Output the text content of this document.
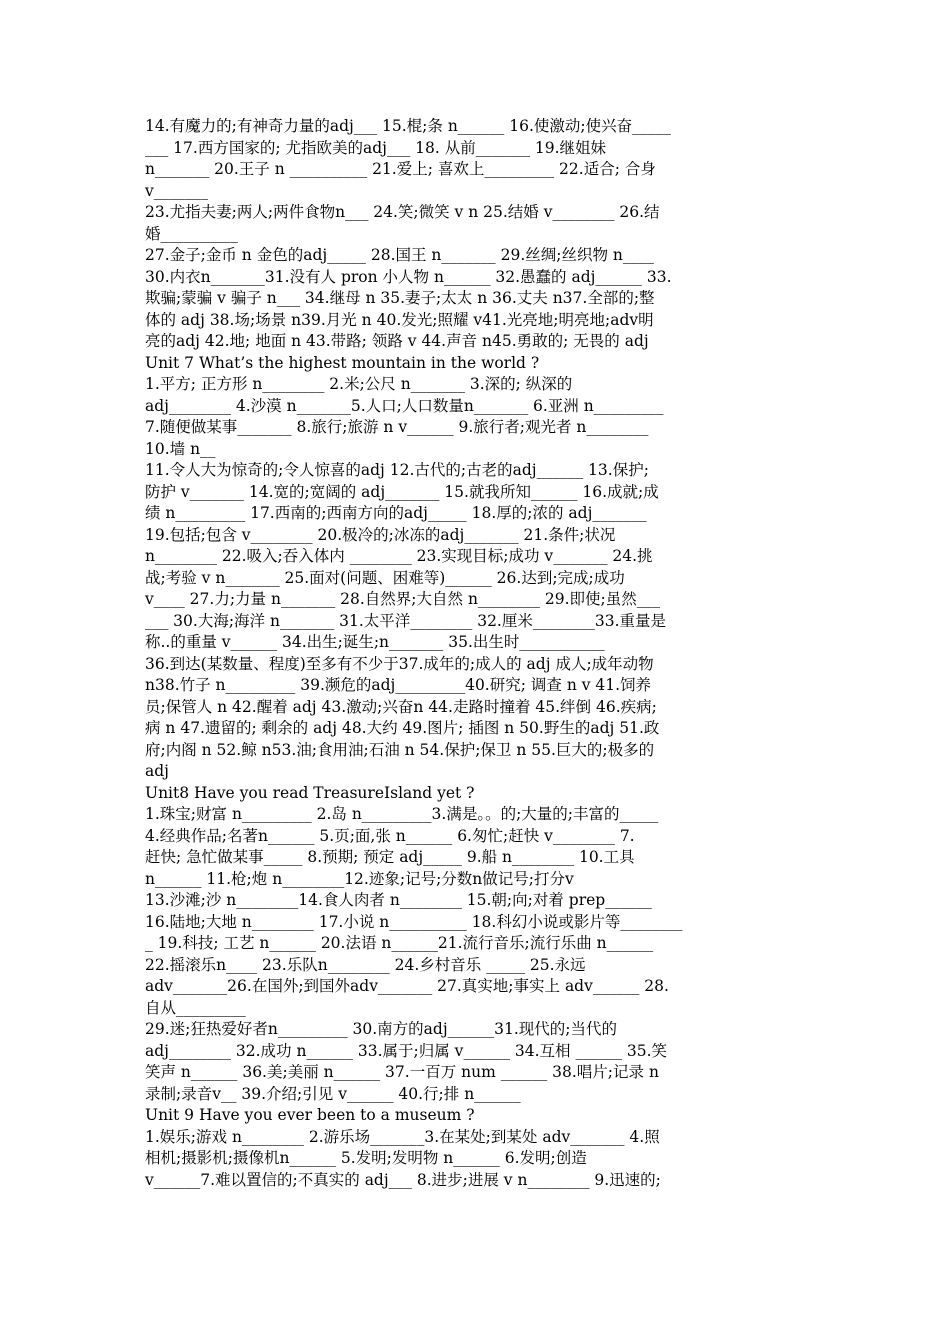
14.有魔力的;有神奇力量的adj___ 15.棍;条 n______ 16.使激动;使兴奋_____
___ 17.西方国家的; 尤指欧美的adj___ 18. 从前_______ 19.继姐妹
n_______ 20.王子 n __________ 21.爱上; 喜欢上_________ 22.适合; 合身
v_______
23.尤指夫妻;两人;两件食物n___ 24.笑;微笑 v n 25.结婚 v________ 26.结
婚__________
27.金子;金币 n 金色的adj_____ 28.国王 n_______ 29.丝绸;丝织物 n____
30.内衣n_______31.没有人 pron 小人物 n______ 32.愚蠢的 adj______ 33.
欺骗;蒙骗 v 骗子 n___ 34.继母 n 35.妻子;太太 n 36.丈夫 n37.全部的;整
体的 adj 38.场;场景 n39.月光 n 40.发光;照耀 v41.光亮地;明亮地;adv明
亮的adj 42.地; 地面 n 43.带路; 领路 v 44.声音 n45.勇敢的; 无畏的 adj
Unit 7 What’s the highest mountain in the world ?
1.平方; 正方形 n________ 2.米;公尺 n_______ 3.深的; 纵深的
adj________ 4.沙漠 n_______5.人口;人口数量n_______ 6.亚洲 n_________
7.随便做某事_______ 8.旅行;旅游 n v______ 9.旅行者;观光者 n________
10.墙 n__
11.令人大为惊奇的;令人惊喜的adj 12.古代的;古老的adj______ 13.保护;
防护 v_______ 14.宽的;宽阔的 adj_______ 15.就我所知______ 16.成就;成
绩 n_________ 17.西南的;西南方向的adj_____ 18.厚的;浓的 adj_______
19.包括;包含 v________ 20.极冷的;冰冻的adj_______ 21.条件;状况
n________ 22.吸入;吞入体内 ________ 23.实现目标;成功 v_______ 24.挑
战;考验 v n_______ 25.面对(问题、困难等)______ 26.达到;完成;成功
v____ 27.力;力量 n_______ 28.自然界;大自然 n________ 29.即使;虽然___
___ 30.大海;海洋 n_______ 31.太平洋________ 32.厘米________33.重量是
称..的重量 v______ 34.出生;诞生;n_______ 35.出生时___________
36.到达(某数量、程度)至多有不少于37.成年的;成人的 adj 成人;成年动物
n38.竹子 n_________ 39.濒危的adj_________40.研究; 调查 n v 41.饲养
员;保管人 n 42.醒着 adj 43.激动;兴奋n 44.走路时撞着 45.绊倒 46.疾病;
病 n 47.遗留的; 剩余的 adj 48.大约 49.图片; 插图 n 50.野生的adj 51.政
府;内阁 n 52.鲸 n53.油;食用油;石油 n 54.保护;保卫 n 55.巨大的;极多的
adj
Unit8 Have you read TreasureIsland yet ?
1.珠宝;财富 n_________ 2.岛 n_________3.满是。。的;大量的;丰富的_____
4.经典作品;名著n______ 5.页;面,张 n______ 6.匆忙;赶快 v________ 7.
赶快; 急忙做某事_____ 8.预期; 预定 adj_____ 9.船 n________ 10.工具
n______ 11.枪;炮 n________12.迹象;记号;分数n做记号;打分v
13.沙滩;沙 n________14.食人肉者 n________ 15.朝;向;对着 prep______
16.陆地;大地 n________ 17.小说 n__________ 18.科幻小说或影片等________
_ 19.科技; 工艺 n______ 20.法语 n______21.流行音乐;流行乐曲 n______
22.摇滚乐n____ 23.乐队n________ 24.乡村音乐 _____ 25.永远
adv_______26.在国外;到国外adv_______ 27.真实地;事实上 adv______ 28.
自从_________
29.迷;狂热爱好者n_________ 30.南方的adj______31.现代的;当代的
adj________ 32.成功 n______ 33.属于;归属 v______ 34.互相 ______ 35.笑
笑声 n______ 36.美;美丽 n______ 37.一百万 num ______ 38.唱片;记录 n
录制;录音v__ 39.介绍;引见 v______ 40.行;排 n______
Unit 9 Have you ever been to a museum ?
1.娱乐;游戏 n________ 2.游乐场_______3.在某处;到某处 adv_______ 4.照
相机;摄影机;摄像机n______ 5.发明;发明物 n______ 6.发明;创造
v______7.难以置信的;不真实的 adj___ 8.进步;进展 v n________ 9.迅速的;
